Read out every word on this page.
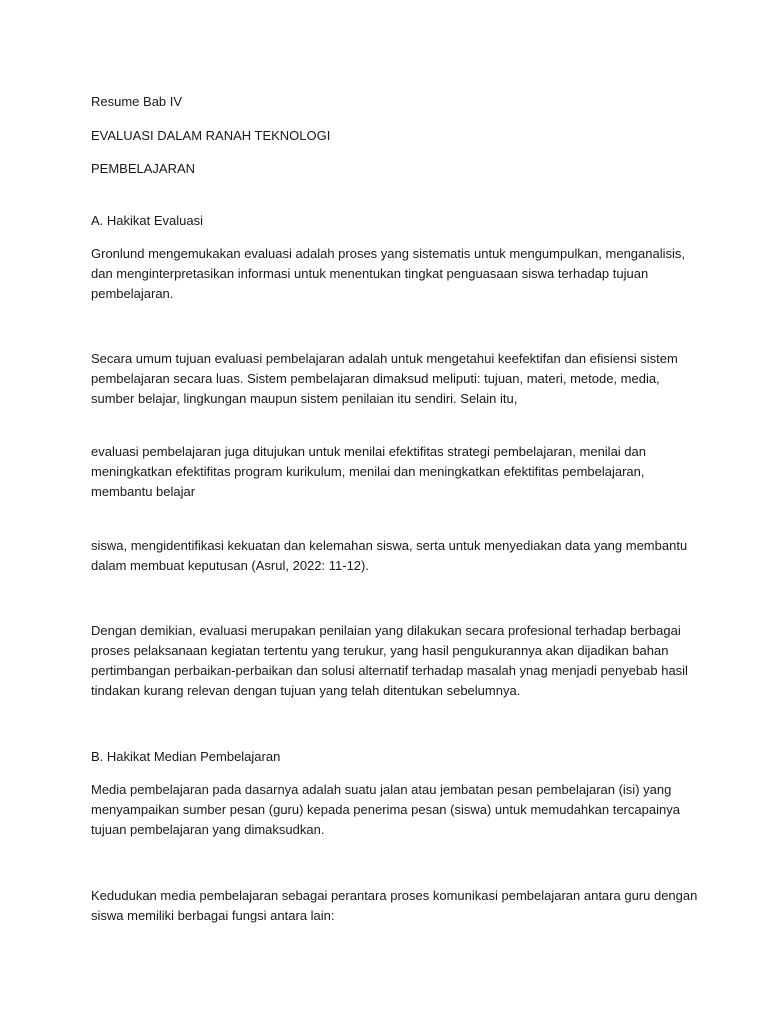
Resume Bab IV

EVALUASI DALAM RANAH TEKNOLOGI

PEMBELAJARAN

A. Hakikat Evaluasi

Gronlund mengemukakan evaluasi adalah proses yang sistematis untuk mengumpulkan, menganalisis,
dan menginterpretasikan informasi untuk menentukan tingkat penguasaan siswa terhadap tujuan
pembelajaran.
Secara umum tujuan evaluasi pembelajaran adalah untuk mengetahui keefektifan dan efisiensi sistem
pembelajaran secara luas. Sistem pembelajaran dimaksud meliputi: tujuan, materi, metode, media,
sumber belajar, lingkungan maupun sistem penilaian itu sendiri. Selain itu,
evaluasi pembelajaran juga ditujukan untuk menilai efektifitas strategi pembelajaran, menilai dan
meningkatkan efektifitas program kurikulum, menilai dan meningkatkan efektifitas pembelajaran,
membantu belajar
siswa, mengidentifikasi kekuatan dan kelemahan siswa, serta untuk menyediakan data yang membantu
dalam membuat keputusan (Asrul, 2022: 11-12).
Dengan demikian, evaluasi merupakan penilaian yang dilakukan secara profesional terhadap berbagai
proses pelaksanaan kegiatan tertentu yang terukur, yang hasil pengukurannya akan dijadikan bahan
pertimbangan perbaikan-perbaikan dan solusi alternatif terhadap masalah ynag menjadi penyebab hasil
tindakan kurang relevan dengan tujuan yang telah ditentukan sebelumnya.

B. Hakikat Median Pembelajaran

Media pembelajaran pada dasarnya adalah suatu jalan atau jembatan pesan pembelajaran (isi) yang
menyampaikan sumber pesan (guru) kepada penerima pesan (siswa) untuk memudahkan tercapainya
tujuan pembelajaran yang dimaksudkan.
Kedudukan media pembelajaran sebagai perantara proses komunikasi pembelajaran antara guru dengan
siswa memiliki berbagai fungsi antara lain:
